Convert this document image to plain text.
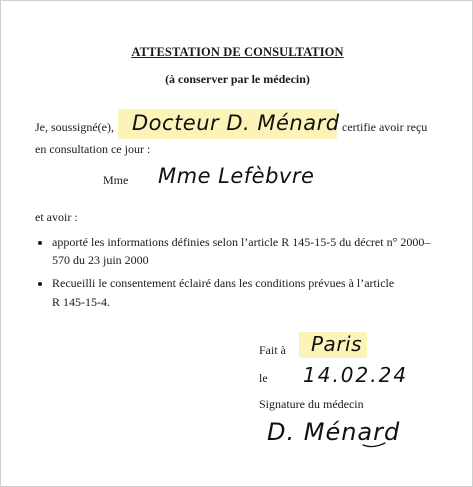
ATTESTATION DE CONSULTATION
(à conserver par le médecin)
Je, soussigné(e), Docteur D. Ménard certifie avoir reçu
en consultation ce jour :
Mme Mme Lefèbvre
et avoir :
apporté les informations définies selon l’article R 145-15-5 du décret n° 2000–
570 du 23 juin 2000
Recueilli le consentement éclairé dans les conditions prévues à l’article
R 145-15-4.
Fait à Paris
le 14.02.24
Signature du médecin
D. Ménard
